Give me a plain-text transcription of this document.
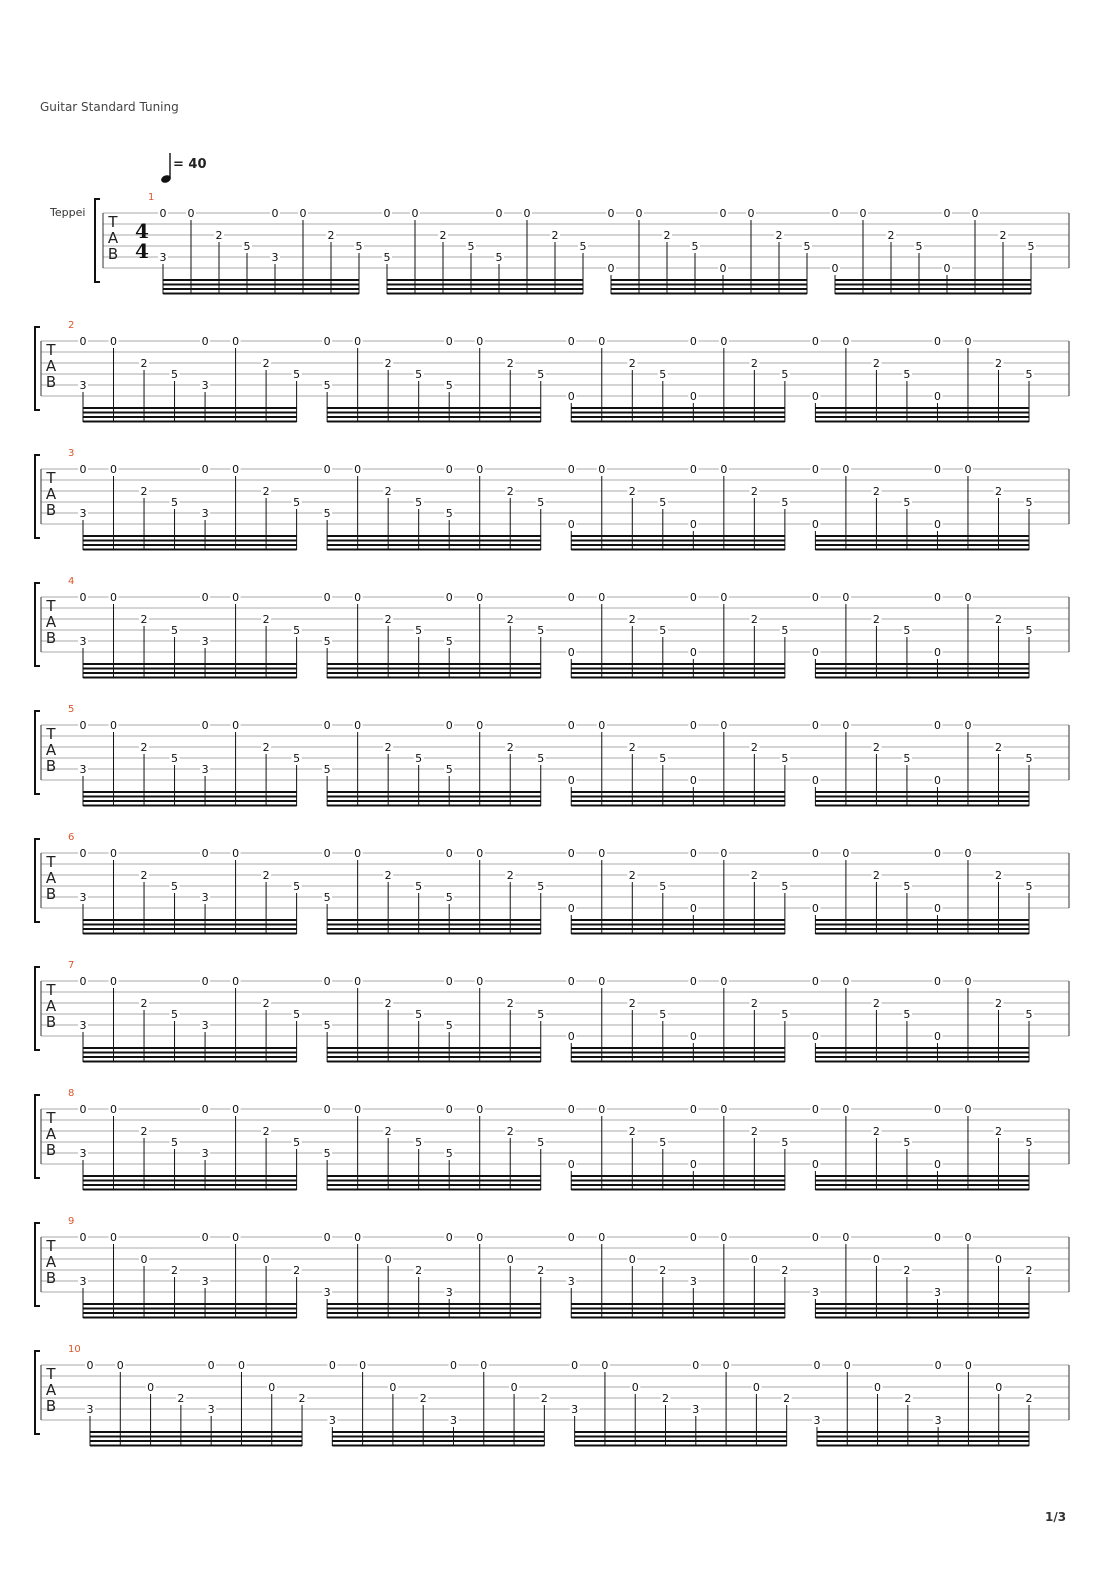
Guitar Standard Tuning
= 40
Teppei
T
A
B
4
4
1
3
0 0
2
5
3
0 0
2
5
5
0 0
2
5
5
0 0
2
5
0
0 0
2
5
0
0 0
2
5
0
0 0
2
5
0
0 0
2
5
T
A
B
2
3
0 0
2
5
3
0 0
2
5
5
0 0
2
5
5
0 0
2
5
0
0 0
2
5
0
0 0
2
5
0
0 0
2
5
0
0 0
2
5
T
A
B
3
3
0 0
2
5
3
0 0
2
5
5
0 0
2
5
5
0 0
2
5
0
0 0
2
5
0
0 0
2
5
0
0 0
2
5
0
0 0
2
5
T
A
B
4
3
0 0
2
5
3
0 0
2
5
5
0 0
2
5
5
0 0
2
5
0
0 0
2
5
0
0 0
2
5
0
0 0
2
5
0
0 0
2
5
T
A
B
5
3
0 0
2
5
3
0 0
2
5
5
0 0
2
5
5
0 0
2
5
0
0 0
2
5
0
0 0
2
5
0
0 0
2
5
0
0 0
2
5
T
A
B
6
3
0 0
2
5
3
0 0
2
5
5
0 0
2
5
5
0 0
2
5
0
0 0
2
5
0
0 0
2
5
0
0 0
2
5
0
0 0
2
5
T
A
B
7
3
0 0
2
5
3
0 0
2
5
5
0 0
2
5
5
0 0
2
5
0
0 0
2
5
0
0 0
2
5
0
0 0
2
5
0
0 0
2
5
T
A
B
8
3
0 0
2
5
3
0 0
2
5
5
0 0
2
5
5
0 0
2
5
0
0 0
2
5
0
0 0
2
5
0
0 0
2
5
0
0 0
2
5
T
A
B
9
3
0 0
0
2
3
0 0
0
2
3
0 0
0
2
3
0 0
0
2
3
0 0
0
2
3
0 0
0
2
3
0 0
0
2
3
0 0
0
2
T
A
B
10
3
0 0
0
2
3
0 0
0
2
3
0 0
0
2
3
0 0
0
2
3
0 0
0
2
3
0 0
0
2
3
0 0
0
2
3
0 0
0
2
1/3
